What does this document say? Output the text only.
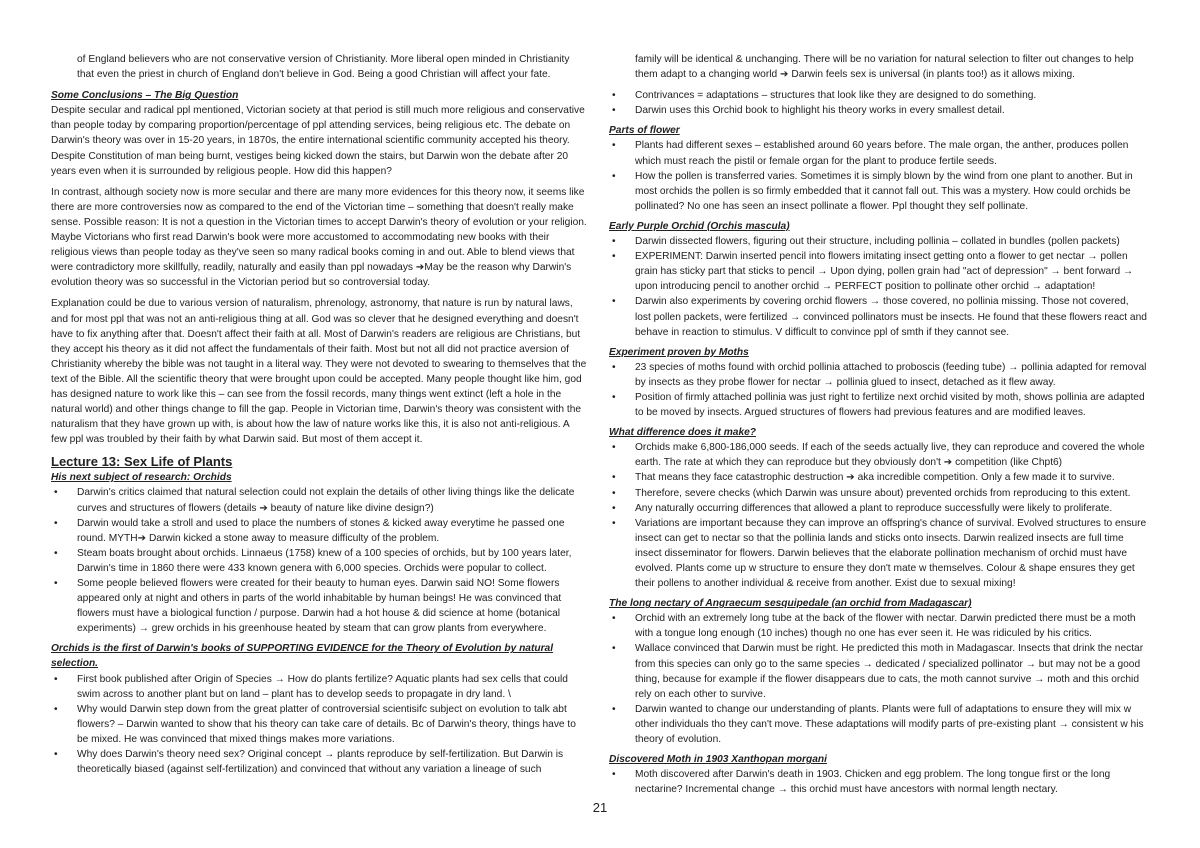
of England believers who are not conservative version of Christianity. More liberal open minded in Christianity that even the priest in church of England don't believe in God. Being a good Christian will affect your fate.

Some Conclusions – The Big Question

Despite secular and radical ppl mentioned, Victorian society at that period is still much more religious and conservative than people today by comparing proportion/percentage of ppl attending services, being religious etc. The debate on Darwin's theory was over in 15-20 years, in 1870s, the entire international scientific community accepted his theory. Despite Constitution of man being burnt, vestiges being kicked down the stairs, but Darwin won the debate after 20 years even when it is surrounded by religious people. How did this happen?

In contrast, although society now is more secular and there are many more evidences for this theory now, it seems like there are more controversies now as compared to the end of the Victorian time – something that doesn't really make sense. Possible reason: It is not a question in the Victorian times to accept Darwin's theory of evolution or your religion. Maybe Victorians who first read Darwin's book were more accustomed to accommodating new books with their religious views than people today as they've seen so many radical books coming in and out. Able to blend views that were contradictory more skillfully, readily, naturally and easily than ppl nowadays ➔May be the reason why Darwin's evolution theory was so successful in the Victorian period but so controversial today.

Explanation could be due to various version of naturalism, phrenology, astronomy, that nature is run by natural laws, and for most ppl that was not an anti-religious thing at all. God was so clever that he designed everything and doesn't have to fix anything after that. Doesn't affect their faith at all. Most of Darwin's readers are religious are Christians, but they accept his theory as it did not affect the fundamentals of their faith. Most but not all did not practice aversion of Christianity whereby the bible was not taught in a literal way. They were not devoted to swearing to themselves that the text of the Bible. All the scientific theory that were brought upon could be accepted. Many people thought like him, god has designed nature to work like this – can see from the fossil records, many things went extinct (left a hole in the natural world) and other things change to fill the gap. People in Victorian time, Darwin's theory was consistent with the naturalism that they have grown up with, is about how the law of nature works like this, it is also not anti-religious. A few ppl was troubled by their faith by what Darwin said. But most of them accept it.

Lecture 13: Sex Life of Plants

His next subject of research: Orchids

• Darwin's critics claimed that natural selection could not explain the details of other living things like the delicate curves and structures of flowers (details ➔ beauty of nature like divine design?)
• Darwin would take a stroll and used to place the numbers of stones & kicked away everytime he passed one round. MYTH➔ Darwin kicked a stone away to measure difficulty of the problem.
• Steam boats brought about orchids. Linnaeus (1758) knew of a 100 species of orchids, but by 100 years later, Darwin's time in 1860 there were 433 known genera with 6,000 species. Orchids were popular to collect.
• Some people believed flowers were created for their beauty to human eyes. Darwin said NO! Some flowers appeared only at night and others in parts of the world inhabitable by human beings! He was convinced that flowers must have a biological function / purpose. Darwin had a hot house & did science at home (botanical experiments) → grew orchids in his greenhouse heated by steam that can grow plants from everywhere.

Orchids is the first of Darwin's books of SUPPORTING EVIDENCE for the Theory of Evolution by natural selection.

• First book published after Origin of Species → How do plants fertilize? Aquatic plants had sex cells that could swim across to another plant but on land – plant has to develop seeds to propagate in dry land. \
• Why would Darwin step down from the great platter of controversial scientisifc subject on evolution to talk abt flowers? – Darwin wanted to show that his theory can take care of details. Bc of Darwin's theory, things have to be mixed. He was convinced that mixed things makes more variations.
• Why does Darwin's theory need sex? Original concept → plants reproduce by self-fertilization. But Darwin is theoretically biased (against self-fertilization) and convinced that without any variation a lineage of such

family will be identical & unchanging. There will be no variation for natural selection to filter out changes to help them adapt to a changing world ➔ Darwin feels sex is universal (in plants too!) as it allows mixing.

• Contrivances = adaptations – structures that look like they are designed to do something.
• Darwin uses this Orchid book to highlight his theory works in every smallest detail.

Parts of flower

• Plants had different sexes – established around 60 years before. The male organ, the anther, produces pollen which must reach the pistil or female organ for the plant to produce fertile seeds.
• How the pollen is transferred varies. Sometimes it is simply blown by the wind from one plant to another. But in most orchids the pollen is so firmly embedded that it cannot fall out. This was a mystery. How could orchids be pollinated? No one has seen an insect pollinate a flower. Ppl thought they self pollinate.

Early Purple Orchid (Orchis mascula)

• Darwin dissected flowers, figuring out their structure, including pollinia – collated in bundles (pollen packets)
• EXPERIMENT: Darwin inserted pencil into flowers imitating insect getting onto a flower to get nectar → pollen grain has sticky part that sticks to pencil → Upon dying, pollen grain had "act of depression" → bent forward → upon introducing pencil to another orchid → PERFECT position to pollinate other orchid → adaptation!
• Darwin also experiments by covering orchid flowers → those covered, no pollinia missing. Those not covered, lost pollen packets, were fertilized → convinced pollinators must be insects. He found that these flowers react and behave in reaction to stimulus. V difficult to convince ppl of smth if they cannot see.

Experiment proven by Moths

• 23 species of moths found with orchid pollinia attached to proboscis (feeding tube) → pollinia adapted for removal by insects as they probe flower for nectar → pollinia glued to insect, detached as it flew away.
• Position of firmly attached pollinia was just right to fertilize next orchid visited by moth, shows pollinia are adapted to be moved by insects. Argued structures of flowers had previous features and are modified leaves.

What difference does it make?

• Orchids make 6,800-186,000 seeds. If each of the seeds actually live, they can reproduce and covered the whole earth. The rate at which they can reproduce but they obviously don't ➔ competition (like Chpt6)
• That means they face catastrophic destruction ➔ aka incredible competition. Only a few made it to survive.
• Therefore, severe checks (which Darwin was unsure about) prevented orchids from reproducing to this extent.
• Any naturally occurring differences that allowed a plant to reproduce successfully were likely to proliferate.
• Variations are important because they can improve an offspring's chance of survival. Evolved structures to ensure insect can get to nectar so that the pollinia lands and sticks onto insects. Darwin realized insects are full time insect disseminator for flowers. Darwin believes that the elaborate pollination mechanism of orchid must have evolved. Plants come up w structure to ensure they don't mate w themselves. Colour & shape ensures they get their pollens to another individual & receive from another. Exist due to sexual mixing!

The long nectary of Angraecum sesquipedale (an orchid from Madagascar)

• Orchid with an extremely long tube at the back of the flower with nectar. Darwin predicted there must be a moth with a tongue long enough (10 inches) though no one has ever seen it. He was ridiculed by his critics.
• Wallace convinced that Darwin must be right. He predicted this moth in Madagascar. Insects that drink the nectar from this species can only go to the same species → dedicated / specialized pollinator → but may not be a good thing, because for example if the flower disappears due to cats, the moth cannot survive → moth and this orchid rely on each other to survive.
• Darwin wanted to change our understanding of plants. Plants were full of adaptations to ensure they will mix w other individuals tho they can't move. These adaptations will modify parts of pre-existing plant → consistent w his theory of evolution.

Discovered Moth in 1903 Xanthopan morgani

• Moth discovered after Darwin's death in 1903. Chicken and egg problem. The long tongue first or the long nectarine? Incremental change → this orchid must have ancestors with normal length nectary.
21
